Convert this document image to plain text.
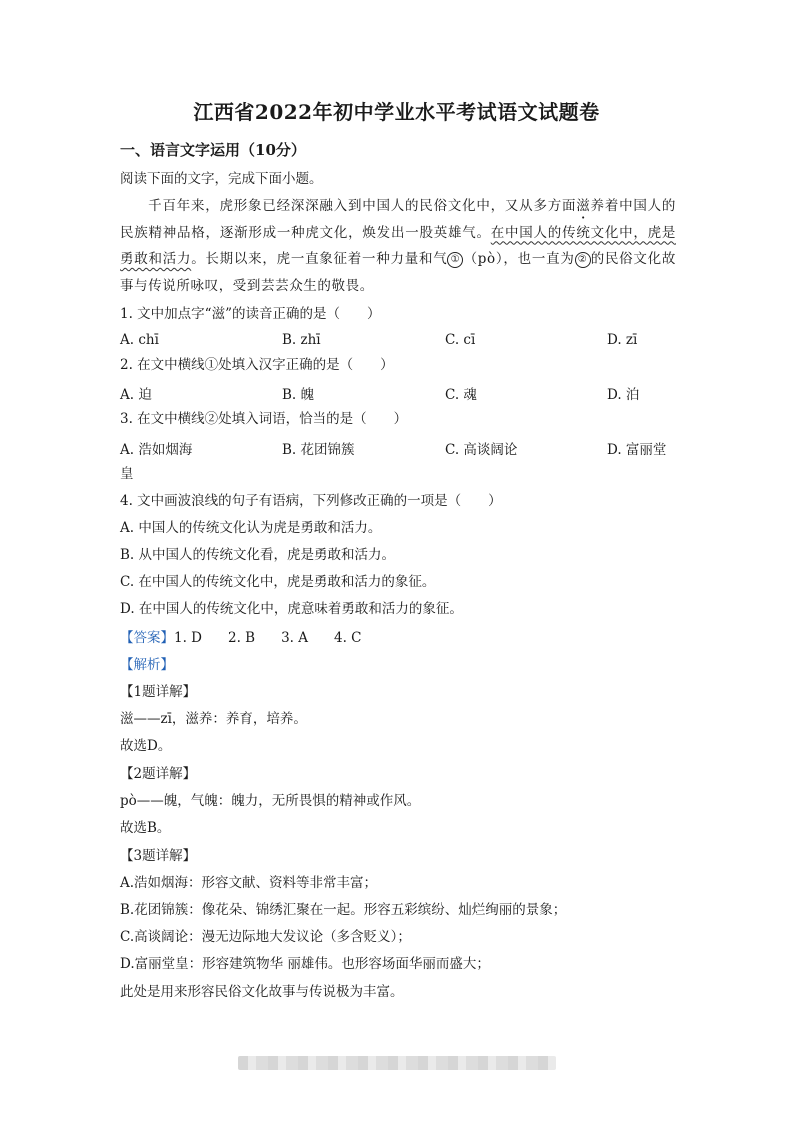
江西省2022年初中学业水平考试语文试题卷
一、语言文字运用（10分）
阅读下面的文字，完成下面小题。
千百年来，虎形象已经深深融入到中国人的民俗文化中，又从多方面滋养着中国人的民族精神品格，逐渐形成一种虎文化，焕发出一股英雄气。在中国人的传统文化中，虎是勇敢和活力。长期以来，虎一直象征着一种力量和气 ① （pò），也一直为 ② 的民俗文化故事与传说所咏叹，受到芸芸众生的敬畏。
1. 文中加点字“滋”的读音正确的是（　　）
A. chī	B. zhī	C. cī	D. zī
2. 在文中横线①处填入汉字正确的是（　　）
A. 迫	B. 魄	C. 魂	D. 泊
3. 在文中横线②处填入词语，恰当的是（　　）
A. 浩如烟海	B. 花团锦簇	C. 高谈阔论	D. 富丽堂
皇
4. 文中画波浪线的句子有语病，下列修改正确的一项是（　　）
A. 中国人的传统文化认为虎是勇敢和活力。
B. 从中国人的传统文化看，虎是勇敢和活力。
C. 在中国人的传统文化中，虎是勇敢和活力的象征。
D. 在中国人的传统文化中，虎意味着勇敢和活力的象征。
【答案】1. D 2. B 3. A 4. C
【解析】
【1题详解】
滋——zī，滋养：养育，培养。
故选D。
【2题详解】
pò——魄，气魄：魄力，无所畏惧的精神或作风。
故选B。
【3题详解】
A.浩如烟海：形容文献、资料等非常丰富；
B.花团锦簇：像花朵、锦绣汇聚在一起。形容五彩缤纷、灿烂绚丽的景象；
C.高谈阔论：漫无边际地大发议论（多含贬义）；
D.富丽堂皇：形容建筑物华 丽雄伟。也形容场面华丽而盛大；
此处是用来形容民俗文化故事与传说极为丰富。
